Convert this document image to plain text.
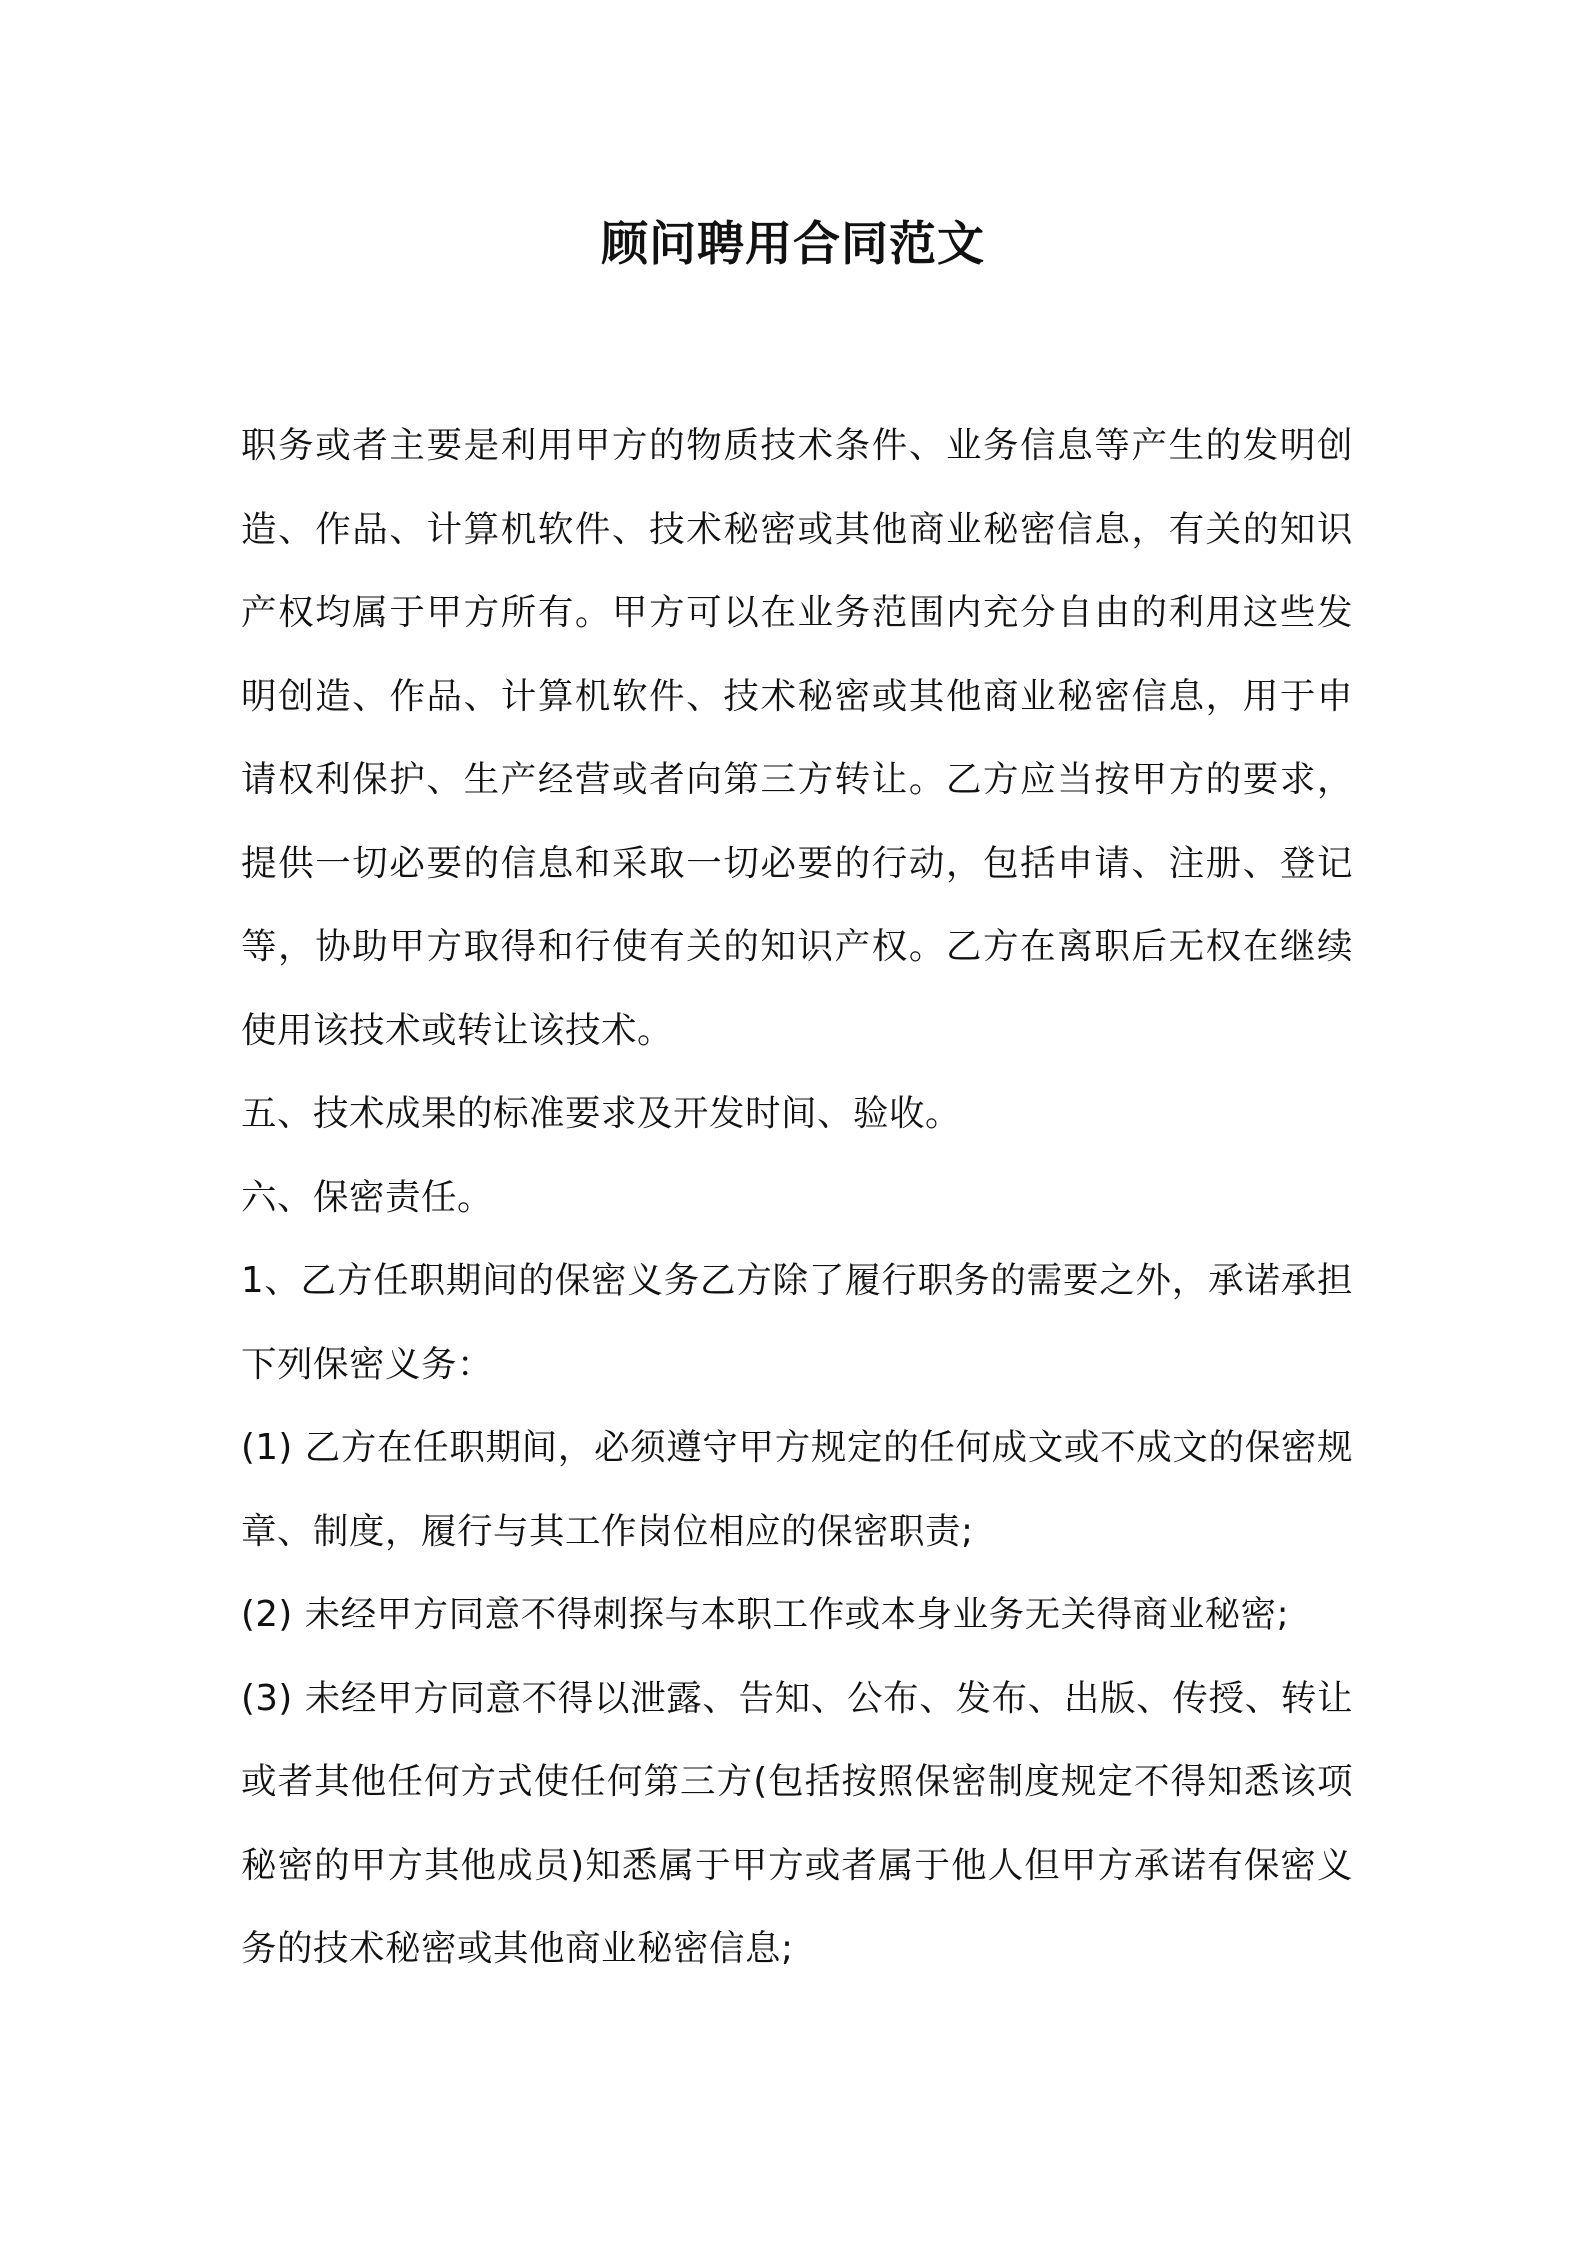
顾问聘用合同范文

职务或者主要是利用甲方的物质技术条件、业务信息等产生的发明创造、作品、计算机软件、技术秘密或其他商业秘密信息，有关的知识产权均属于甲方所有。甲方可以在业务范围内充分自由的利用这些发明创造、作品、计算机软件、技术秘密或其他商业秘密信息，用于申请权利保护、生产经营或者向第三方转让。乙方应当按甲方的要求，提供一切必要的信息和采取一切必要的行动，包括申请、注册、登记等，协助甲方取得和行使有关的知识产权。乙方在离职后无权在继续使用该技术或转让该技术。

五、技术成果的标准要求及开发时间、验收。

六、保密责任。

1、乙方任职期间的保密义务乙方除了履行职务的需要之外，承诺承担下列保密义务：

(1) 乙方在任职期间，必须遵守甲方规定的任何成文或不成文的保密规章、制度，履行与其工作岗位相应的保密职责;

(2) 未经甲方同意不得刺探与本职工作或本身业务无关得商业秘密;

(3) 未经甲方同意不得以泄露、告知、公布、发布、出版、传授、转让或者其他任何方式使任何第三方(包括按照保密制度规定不得知悉该项秘密的甲方其他成员)知悉属于甲方或者属于他人但甲方承诺有保密义务的技术秘密或其他商业秘密信息;
